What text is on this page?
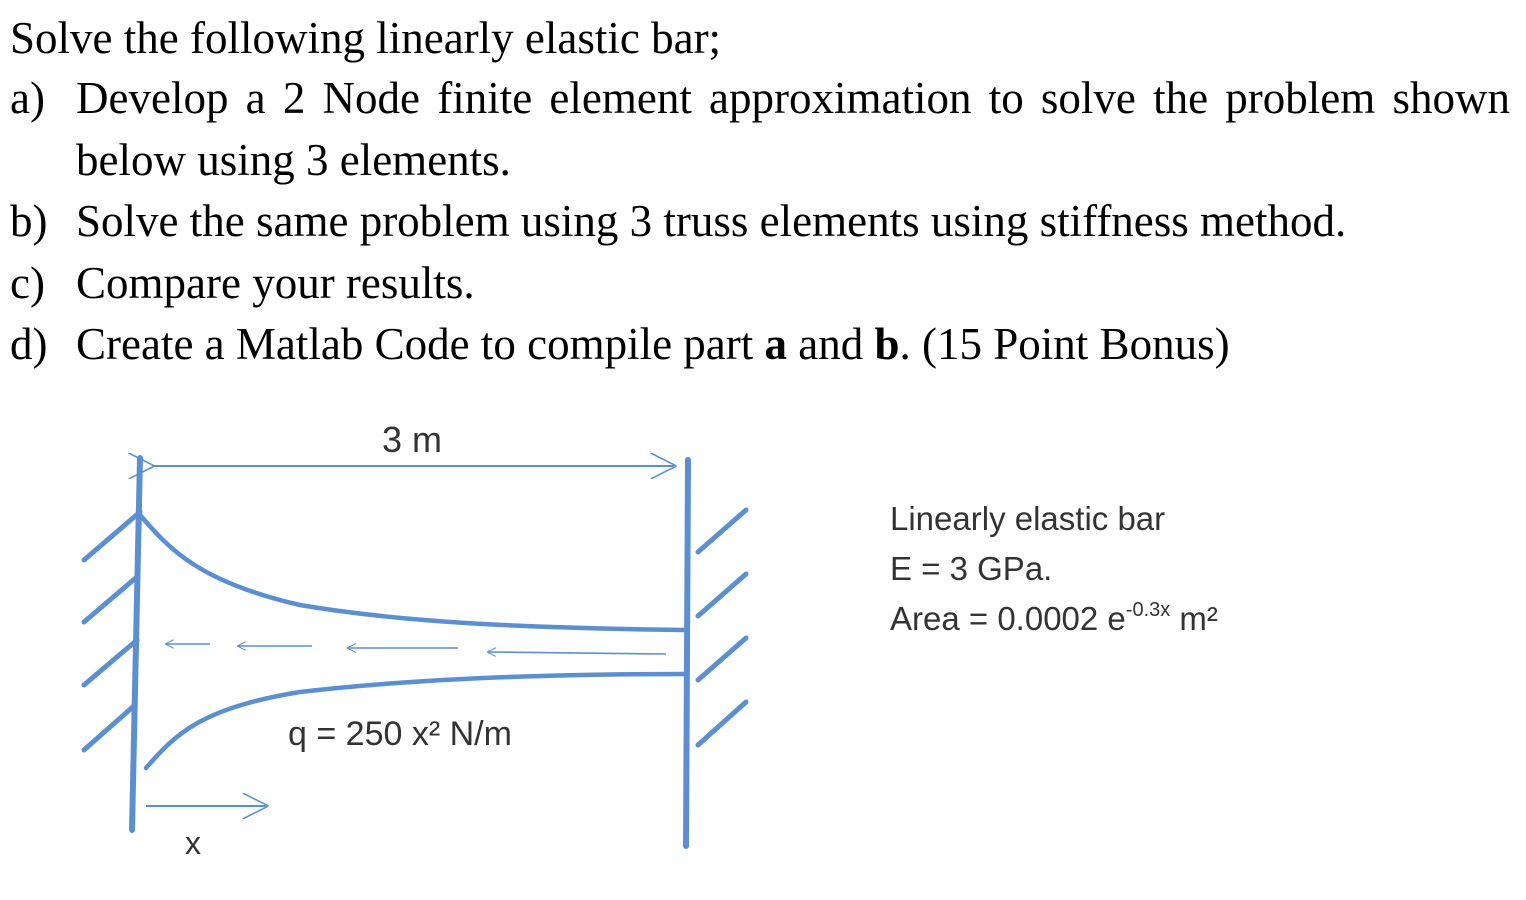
Solve the following linearly elastic bar;

a) Develop a 2 Node finite element approximation to solve the problem shown below using 3 elements.
b) Solve the same problem using 3 truss elements using stiffness method.
c) Compare your results.
d) Create a Matlab Code to compile part a and b. (15 Point Bonus)
3 m
q = 250 x² N/m
x
Linearly elastic bar
E = 3 GPa.
Area = 0.0002 $e^{-0.3x}$ m²
